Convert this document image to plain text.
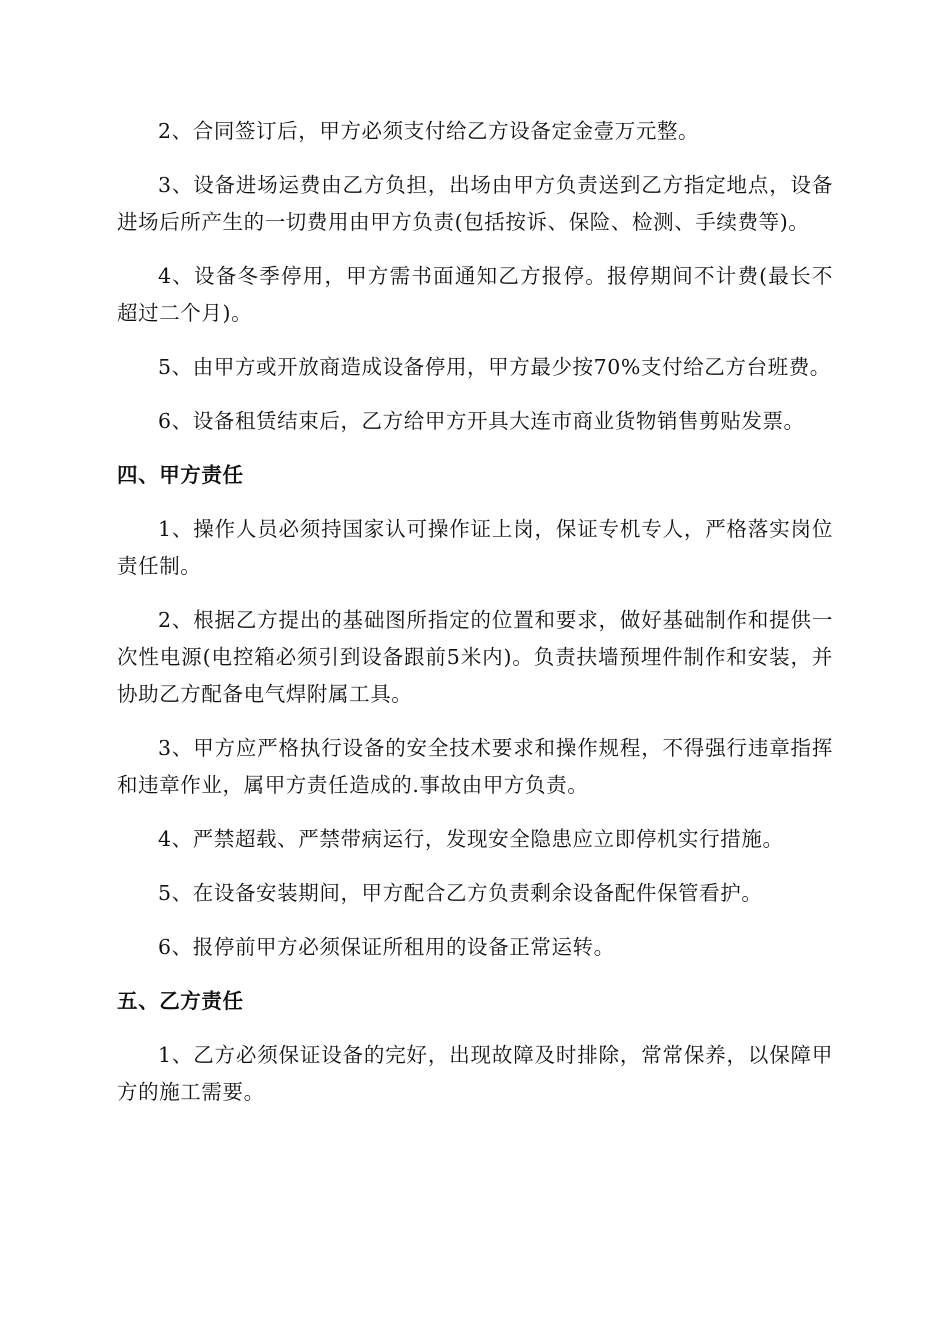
2、合同签订后，甲方必须支付给乙方设备定金壹万元整。

3、设备进场运费由乙方负担，出场由甲方负责送到乙方指定地点，设备进场后所产生的一切费用由甲方负责(包括按诉、保险、检测、手续费等)。

4、设备冬季停用，甲方需书面通知乙方报停。报停期间不计费(最长不超过二个月)。

5、由甲方或开放商造成设备停用，甲方最少按70%支付给乙方台班费。

6、设备租赁结束后，乙方给甲方开具大连市商业货物销售剪贴发票。

四、甲方责任

1、操作人员必须持国家认可操作证上岗，保证专机专人，严格落实岗位责任制。

2、根据乙方提出的基础图所指定的位置和要求，做好基础制作和提供一次性电源(电控箱必须引到设备跟前5米内)。负责扶墙预埋件制作和安装，并协助乙方配备电气焊附属工具。

3、甲方应严格执行设备的安全技术要求和操作规程，不得强行违章指挥和违章作业，属甲方责任造成的.事故由甲方负责。

4、严禁超载、严禁带病运行，发现安全隐患应立即停机实行措施。

5、在设备安装期间，甲方配合乙方负责剩余设备配件保管看护。

6、报停前甲方必须保证所租用的设备正常运转。

五、乙方责任

1、乙方必须保证设备的完好，出现故障及时排除，常常保养，以保障甲方的施工需要。
